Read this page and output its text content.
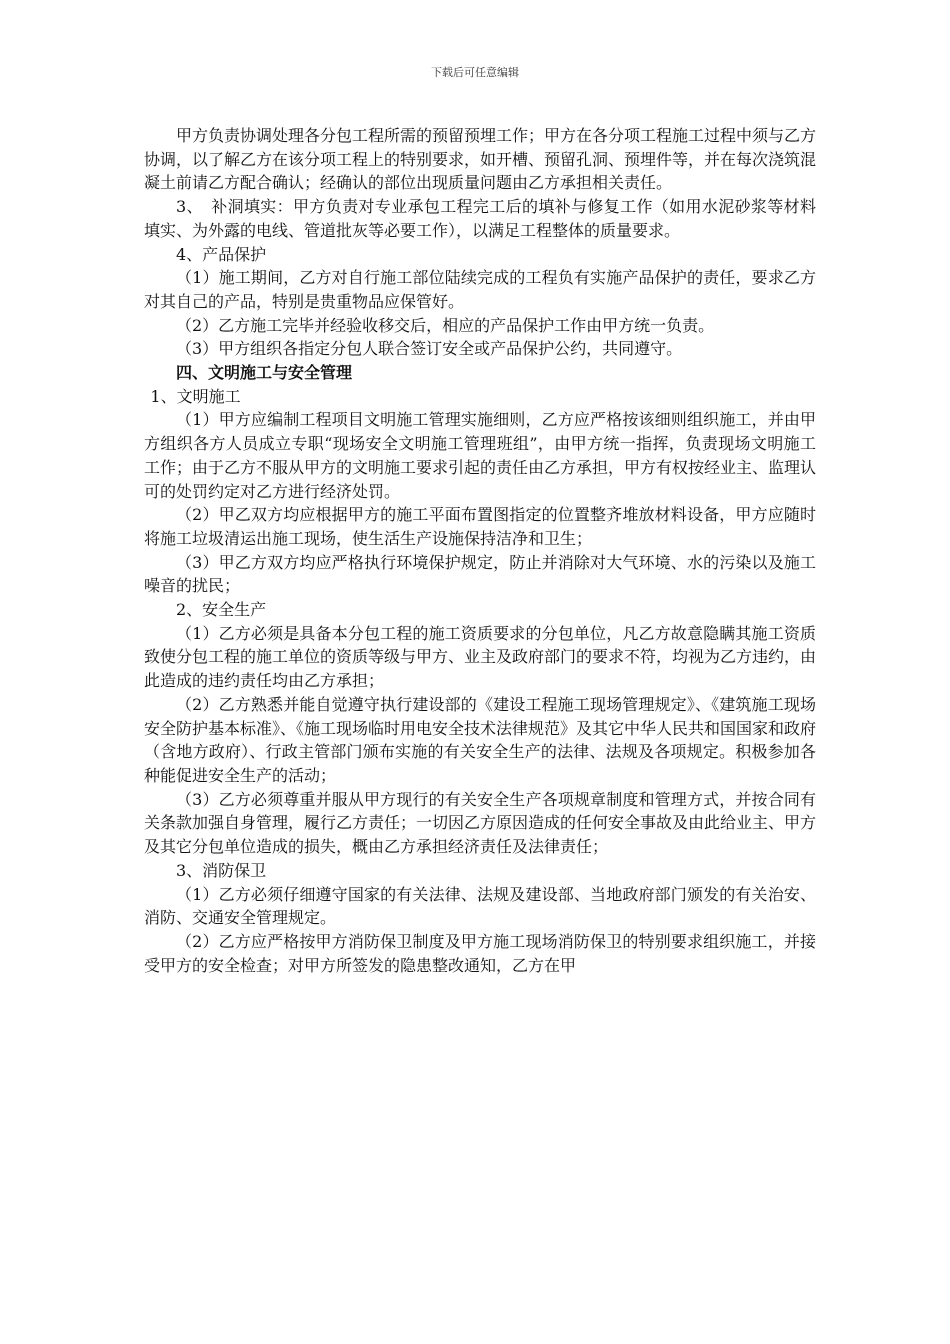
下载后可任意编辑

甲方负责协调处理各分包工程所需的预留预埋工作；甲方在各分项工程施工过程中须与乙方协调，以了解乙方在该分项工程上的特别要求，如开槽、预留孔洞、预埋件等，并在每次浇筑混凝土前请乙方配合确认；经确认的部位出现质量问题由乙方承担相关责任。

3、　补洞填实：甲方负责对专业承包工程完工后的填补与修复工作（如用水泥砂浆等材料填实、为外露的电线、管道批灰等必要工作），以满足工程整体的质量要求。

4、产品保护

（1）施工期间，乙方对自行施工部位陆续完成的工程负有实施产品保护的责任，要求乙方对其自己的产品，特别是贵重物品应保管好。

（2）乙方施工完毕并经验收移交后，相应的产品保护工作由甲方统一负责。

（3）甲方组织各指定分包人联合签订安全或产品保护公约，共同遵守。

四、文明施工与安全管理

1、文明施工

（1）甲方应编制工程项目文明施工管理实施细则，乙方应严格按该细则组织施工，并由甲方组织各方人员成立专职“现场安全文明施工管理班组”，由甲方统一指挥，负责现场文明施工工作；由于乙方不服从甲方的文明施工要求引起的责任由乙方承担，甲方有权按经业主、监理认可的处罚约定对乙方进行经济处罚。

（2）甲乙双方均应根据甲方的施工平面布置图指定的位置整齐堆放材料设备，甲方应随时将施工垃圾清运出施工现场，使生活生产设施保持洁净和卫生；

（3）甲乙方双方均应严格执行环境保护规定，防止并消除对大气环境、水的污染以及施工噪音的扰民；

2、安全生产

（1）乙方必须是具备本分包工程的施工资质要求的分包单位，凡乙方故意隐瞒其施工资质致使分包工程的施工单位的资质等级与甲方、业主及政府部门的要求不符，均视为乙方违约，由此造成的违约责任均由乙方承担；

（2）乙方熟悉并能自觉遵守执行建设部的《建设工程施工现场管理规定》、《建筑施工现场安全防护基本标准》、《施工现场临时用电安全技术法律规范》及其它中华人民共和国国家和政府（含地方政府）、行政主管部门颁布实施的有关安全生产的法律、法规及各项规定。积极参加各种能促进安全生产的活动；

（3）乙方必须尊重并服从甲方现行的有关安全生产各项规章制度和管理方式，并按合同有关条款加强自身管理，履行乙方责任；一切因乙方原因造成的任何安全事故及由此给业主、甲方及其它分包单位造成的损失，概由乙方承担经济责任及法律责任；

3、消防保卫

（1）乙方必须仔细遵守国家的有关法律、法规及建设部、当地政府部门颁发的有关治安、消防、交通安全管理规定。

（2）乙方应严格按甲方消防保卫制度及甲方施工现场消防保卫的特别要求组织施工，并接受甲方的安全检查；对甲方所签发的隐患整改通知，乙方在甲
